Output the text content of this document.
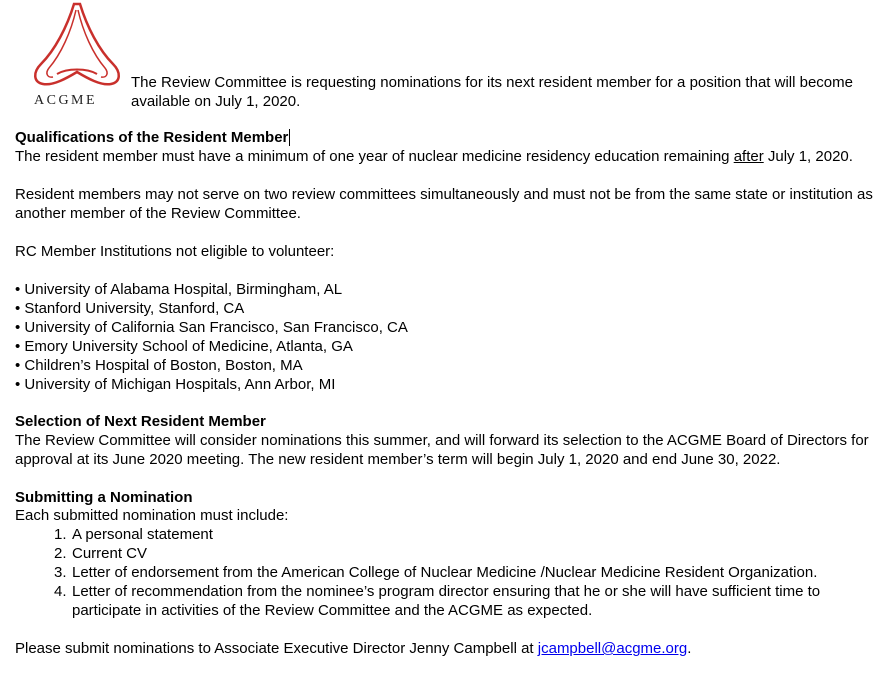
ACGME

The Review Committee is requesting nominations for its next resident member for a position that will become available on July 1, 2020.

Qualifications of the Resident Member

The resident member must have a minimum of one year of nuclear medicine residency education remaining after July 1, 2020.

Resident members may not serve on two review committees simultaneously and must not be from the same state or institution as another member of the Review Committee.

RC Member Institutions not eligible to volunteer:

• University of Alabama Hospital, Birmingham, AL
• Stanford University, Stanford, CA
• University of California San Francisco, San Francisco, CA
• Emory University School of Medicine, Atlanta, GA
• Children’s Hospital of Boston, Boston, MA
• University of Michigan Hospitals, Ann Arbor, MI

Selection of Next Resident Member

The Review Committee will consider nominations this summer, and will forward its selection to the ACGME Board of Directors for approval at its June 2020 meeting. The new resident member’s term will begin July 1, 2020 and end June 30, 2022.

Submitting a Nomination

Each submitted nomination must include:

1. A personal statement
2. Current CV
3. Letter of endorsement from the American College of Nuclear Medicine /Nuclear Medicine Resident Organization.
4. Letter of recommendation from the nominee’s program director ensuring that he or she will have sufficient time to participate in activities of the Review Committee and the ACGME as expected.

Please submit nominations to Associate Executive Director Jenny Campbell at jcampbell@acgme.org.
